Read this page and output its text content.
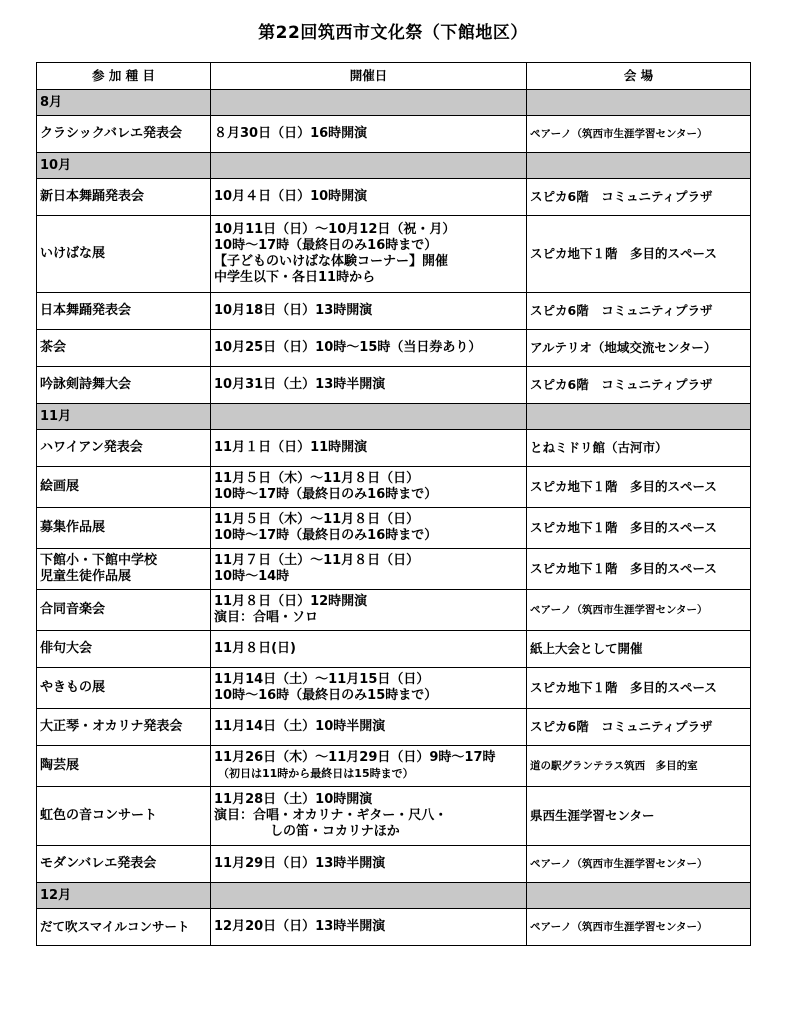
第22回筑西市文化祭（下館地区）
参 加 種 目	開催日	会 場
8月		

クラシックバレエ発表会	８月30日（日）16時開演	ペアーノ（筑西市生涯学習センター）
10月		

新日本舞踊発表会	10月４日（日）10時開演	スピカ6階　コミュニティプラザ

いけばな展	10月11日（日）～10月12日（祝・月）
10時～17時（最終日のみ16時まで）
【子どものいけばな体験コーナー】開催
中学生以下・各日11時から	スピカ地下１階　多目的スペース

日本舞踊発表会	10月18日（日）13時開演	スピカ6階　コミュニティプラザ

茶会	10月25日（日）10時～15時（当日券あり）	アルテリオ（地域交流センター）

吟詠剣詩舞大会	10月31日（土）13時半開演	スピカ6階　コミュニティプラザ
11月		

ハワイアン発表会	11月１日（日）11時開演	とねミドリ館（古河市）

絵画展	11月５日（木）～11月８日（日）
10時～17時（最終日のみ16時まで）	スピカ地下１階　多目的スペース

募集作品展	11月５日（木）～11月８日（日）
10時～17時（最終日のみ16時まで）	スピカ地下１階　多目的スペース

下館小・下館中学校
児童生徒作品展	11月７日（土）～11月８日（日）
10時～14時	スピカ地下１階　多目的スペース

合同音楽会	11月８日（日）12時開演
演目：合唱・ソロ	ペアーノ（筑西市生涯学習センター）

俳句大会	11月８日(日)	紙上大会として開催

やきもの展	11月14日（土）～11月15日（日）
10時～16時（最終日のみ15時まで）	スピカ地下１階　多目的スペース

大正琴・オカリナ発表会	11月14日（土）10時半開演	スピカ6階　コミュニティプラザ

陶芸展	11月26日（木）～11月29日（日）9時～17時
（初日は11時から最終日は15時まで）	道の駅グランテラス筑西　多目的室

虹色の音コンサート	11月28日（土）10時開演
演目：合唱・オカリナ・ギター・尺八・
しの笛・コカリナほか	県西生涯学習センター

モダンバレエ発表会	11月29日（日）13時半開演	ペアーノ（筑西市生涯学習センター）
12月		

だて吹スマイルコンサート	12月20日（日）13時半開演	ペアーノ（筑西市生涯学習センター）
